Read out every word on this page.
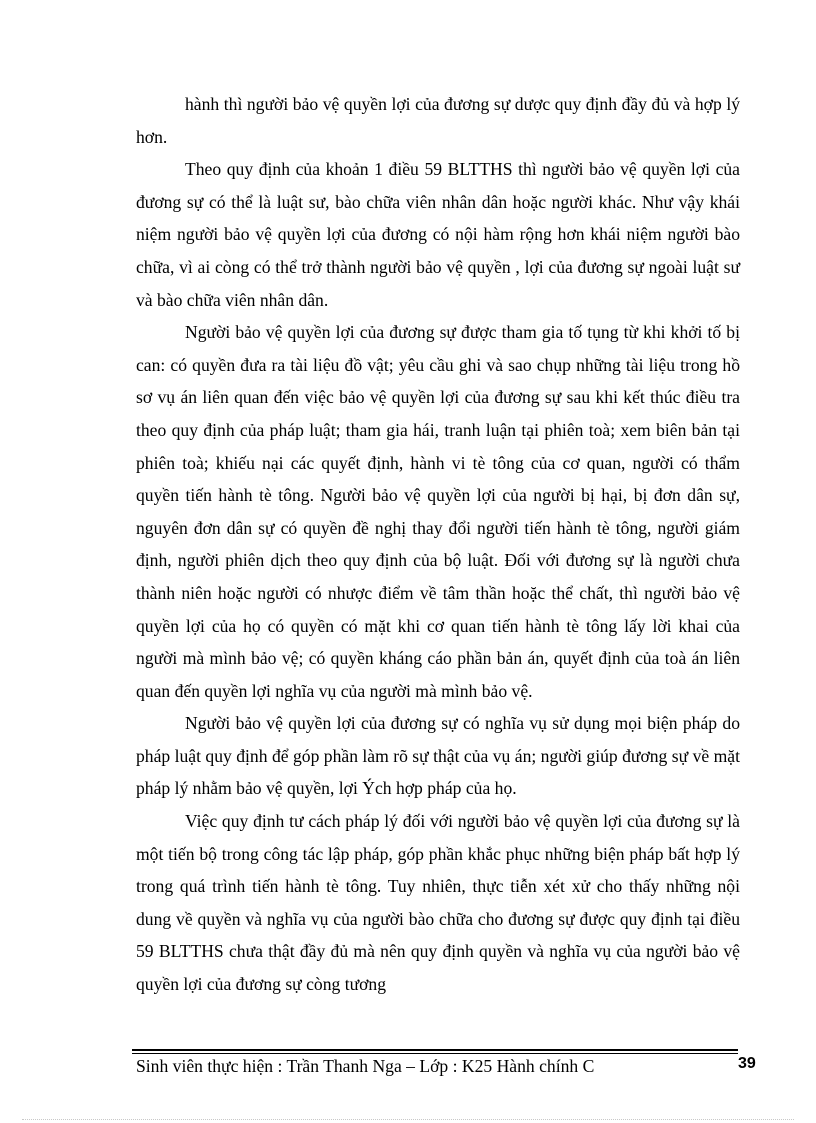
hành thì người bảo vệ quyền lợi của đương sự dược quy định đầy đủ và hợp lý hơn.

Theo quy định của khoản 1 điều 59 BLTTHS thì người bảo vệ quyền lợi của đương sự có thể là luật sư, bào chữa viên nhân dân hoặc người khác. Như vậy khái niệm người bảo vệ quyền lợi của đương có nội hàm rộng hơn khái niệm người bào chữa, vì ai còng có thể trở thành người bảo vệ quyền , lợi của đương sự ngoài luật sư và bào chữa viên nhân dân.

Người bảo vệ quyền lợi của đương sự được tham gia tố tụng từ khi khởi tố bị can: có quyền đưa ra tài liệu đồ vật; yêu cầu ghi và sao chụp những tài liệu trong hồ sơ vụ án liên quan đến việc bảo vệ quyền lợi của đương sự sau khi kết thúc điều tra theo quy định của pháp luật; tham gia hái, tranh luận tại phiên toà; xem biên bản tại phiên toà; khiếu nại các quyết định, hành vi tè tông của cơ quan, người có thẩm quyền tiến hành tè tông. Người bảo vệ quyền lợi của người bị hại, bị đơn dân sự, nguyên đơn dân sự có quyền đề nghị thay đổi người tiến hành tè tông, người giám định, người phiên dịch theo quy định của bộ luật. Đối với đương sự là người chưa thành niên hoặc người có nhược điểm về tâm thần hoặc thể chất, thì người bảo vệ quyền lợi của họ có quyền có mặt khi cơ quan tiến hành tè tông lấy lời khai của người mà mình bảo vệ; có quyền kháng cáo phần bản án, quyết định của toà án liên quan đến quyền lợi nghĩa vụ của người mà mình bảo vệ.

Người bảo vệ quyền lợi của đương sự có nghĩa vụ sử dụng mọi biện pháp do pháp luật quy định để góp phần làm rõ sự thật của vụ án; người giúp đương sự về mặt pháp lý nhằm bảo vệ quyền, lợi Ých hợp pháp của họ.

Việc quy định tư cách pháp lý đối với người bảo vệ quyền lợi của đương sự là một tiến bộ trong công tác lập pháp, góp phần khắc phục những biện pháp bất hợp lý trong quá trình tiến hành tè tông. Tuy nhiên, thực tiễn xét xử cho thấy những nội dung về quyền và nghĩa vụ của người bào chữa cho đương sự được quy định tại điều 59 BLTTHS chưa thật đầy đủ mà nên quy định quyền và nghĩa vụ của người bảo vệ quyền lợi của đương sự còng tương

Sinh viên thực hiện : Trần Thanh Nga – Lớp : K25 Hành chính C	39
